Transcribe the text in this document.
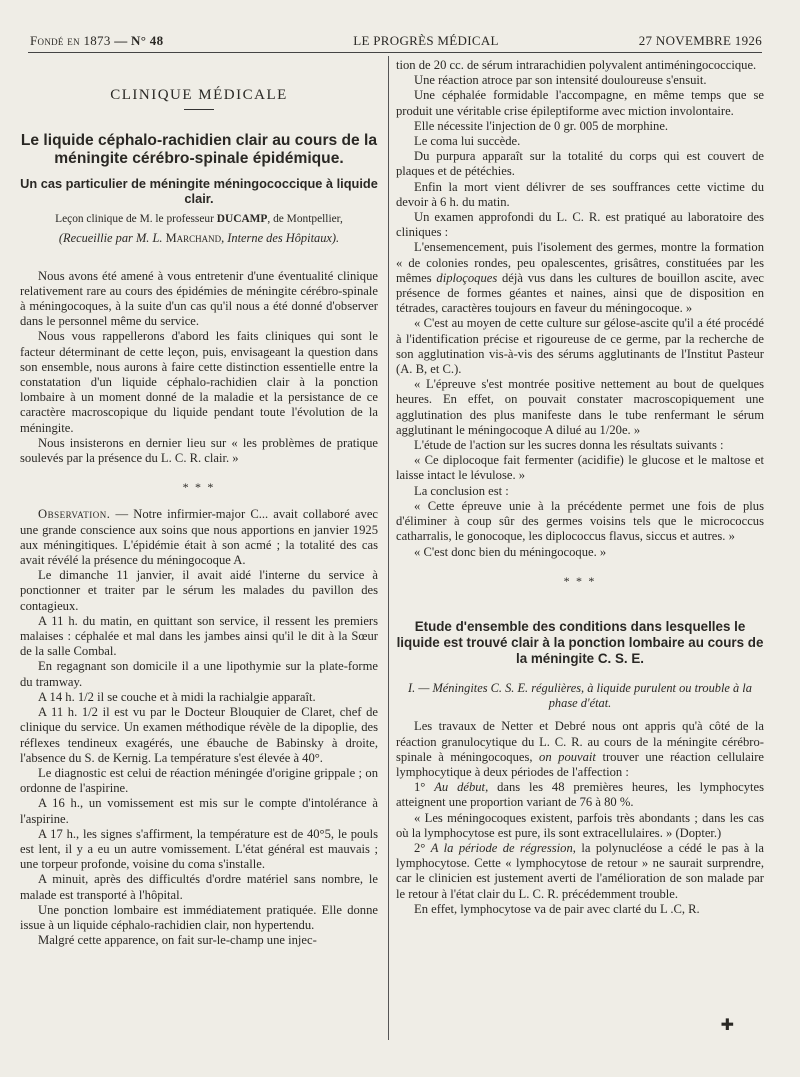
Fondé en 1873 — N° 48	LE PROGRÈS MÉDICAL	27 NOVEMBRE 1926
CLINIQUE MÉDICALE
Le liquide céphalo-rachidien clair au cours de la méningite cérébro-spinale épidémique.
Un cas particulier de méningite méningococcique à liquide clair.
Leçon clinique de M. le professeur DUCAMP, de Montpellier,
(Recueillie par M. L. Marchand, Interne des Hôpitaux).

Nous avons été amené à vous entretenir d'une éventualité clinique relativement rare au cours des épidémies de méningite cérébro-spinale à méningocoques, à la suite d'un cas qu'il nous a été donné d'observer dans le personnel même du service.

Nous vous rappellerons d'abord les faits cliniques qui sont le facteur déterminant de cette leçon, puis, envisageant la question dans son ensemble, nous aurons à faire cette distinction essentielle entre la constatation d'un liquide céphalo-rachidien clair à la ponction lombaire à un moment donné de la maladie et la persistance de ce caractère macroscopique du liquide pendant toute l'évolution de la méningite.

Nous insisterons en dernier lieu sur « les problèmes de pratique soulevés par la présence du L. C. R. clair. »

* * *

Observation. — Notre infirmier-major C... avait collaboré avec une grande conscience aux soins que nous apportions en janvier 1925 aux méningitiques. L'épidémie était à son acmé ; la totalité des cas avait révélé la présence du méningocoque A.

Le dimanche 11 janvier, il avait aidé l'interne du service à ponctionner et traiter par le sérum les malades du pavillon des contagieux.

A 11 h. du matin, en quittant son service, il ressent les premiers malaises : céphalée et mal dans les jambes ainsi qu'il le dit à la Sœur de la salle Combal.

En regagnant son domicile il a une lipothymie sur la plate-forme du tramway.

A 14 h. 1/2 il se couche et à midi la rachialgie apparaît.

A 11 h. 1/2 il est vu par le Docteur Blouquier de Claret, chef de clinique du service. Un examen méthodique révèle de la dipoplie, des réflexes tendineux exagérés, une ébauche de Babinsky à droite, l'absence du S. de Kernig. La température s'est élevée à 40°.

Le diagnostic est celui de réaction méningée d'origine grippale ; on ordonne de l'aspirine.

A 16 h., un vomissement est mis sur le compte d'intolérance à l'aspirine.

A 17 h., les signes s'affirment, la température est de 40°5, le pouls est lent, il y a eu un autre vomissement. L'état général est mauvais ; une torpeur profonde, voisine du coma s'installe.

A minuit, après des difficultés d'ordre matériel sans nombre, le malade est transporté à l'hôpital.

Une ponction lombaire est immédiatement pratiquée. Elle donne issue à un liquide céphalo-rachidien clair, non hypertendu.

Malgré cette apparence, on fait sur-le-champ une injec-

tion de 20 cc. de sérum intrarachidien polyvalent antiméningococcique.

Une réaction atroce par son intensité douloureuse s'ensuit.

Une céphalée formidable l'accompagne, en même temps que se produit une véritable crise épileptiforme avec miction involontaire.

Elle nécessite l'injection de 0 gr. 005 de morphine.

Le coma lui succède.

Du purpura apparaît sur la totalité du corps qui est couvert de plaques et de pétéchies.

Enfin la mort vient délivrer de ses souffrances cette victime du devoir à 6 h. du matin.

Un examen approfondi du L. C. R. est pratiqué au laboratoire des cliniques :

L'ensemencement, puis l'isolement des germes, montre la formation « de colonies rondes, peu opalescentes, grisâtres, constituées par les mêmes diploçoques déjà vus dans les cultures de bouillon ascite, avec présence de formes géantes et naines, ainsi que de disposition en tétrades, caractères toujours en faveur du méningocoque. »

« C'est au moyen de cette culture sur gélose-ascite qu'il a été procédé à l'identification précise et rigoureuse de ce germe, par la recherche de son agglutination vis-à-vis des sérums agglutinants de l'Institut Pasteur (A. B, et C.).

« L'épreuve s'est montrée positive nettement au bout de quelques heures. En effet, on pouvait constater macroscopiquement une agglutination des plus manifeste dans le tube renfermant le sérum agglutinant le méningocoque A dilué au 1/20e. »

L'étude de l'action sur les sucres donna les résultats suivants :

« Ce diplocoque fait fermenter (acidifie) le glucose et le maltose et laisse intact le lévulose. »

La conclusion est :

« Cette épreuve unie à la précédente permet une fois de plus d'éliminer à coup sûr des germes voisins tels que le micrococcus catharralis, le gonocoque, les diplococcus flavus, siccus et autres. »

« C'est donc bien du méningocoque. »

* * *
Etude d'ensemble des conditions dans lesquelles le liquide est trouvé clair à la ponction lombaire au cours de la méningite C. S. E.
I. — Méningites C. S. E. régulières, à liquide purulent ou trouble à la phase d'état.

Les travaux de Netter et Debré nous ont appris qu'à côté de la réaction granulocytique du L. C. R. au cours de la méningite cérébro-spinale à méningocoques, on pouvait trouver une réaction cellulaire lymphocytique à deux périodes de l'affection :

1° Au début, dans les 48 premières heures, les lymphocytes atteignent une proportion variant de 76 à 80 %.

« Les méningocoques existent, parfois très abondants ; dans les cas où la lymphocytose est pure, ils sont extracellulaires. » (Dopter.)

2° A la période de régression, la polynucléose a cédé le pas à la lymphocytose. Cette « lymphocytose de retour » ne saurait surprendre, car le clinicien est justement averti de l'amélioration de son malade par le retour à l'état clair du L. C. R. précédemment trouble.

En effet, lymphocytose va de pair avec clarté du L .C, R.

✚
